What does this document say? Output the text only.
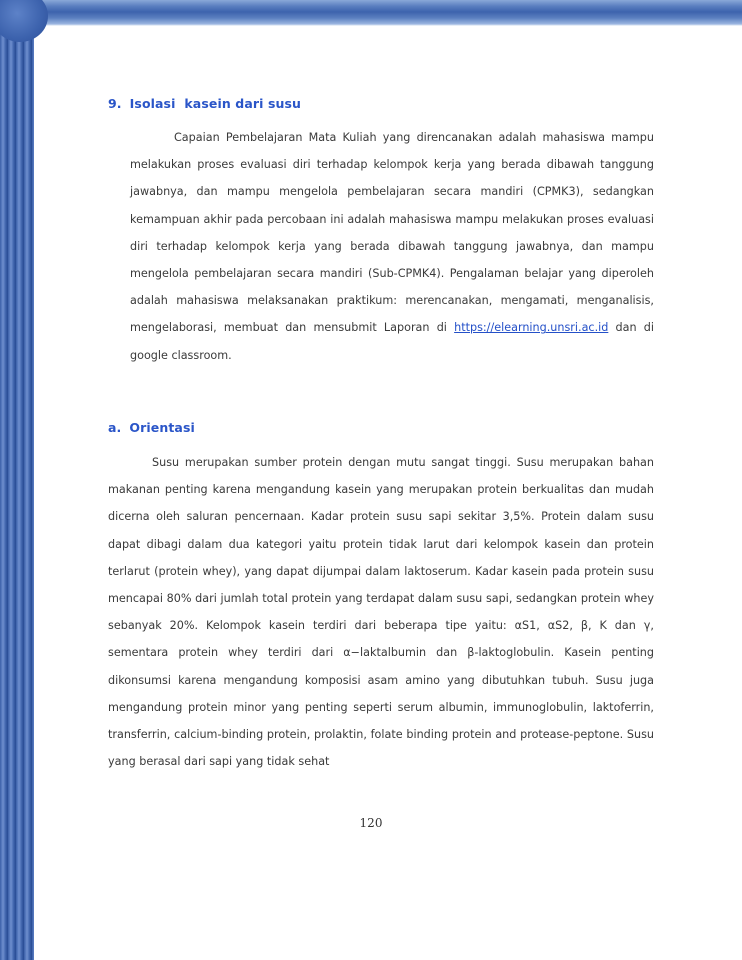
9. Isolasi  kasein dari susu
Capaian Pembelajaran Mata Kuliah yang direncanakan adalah mahasiswa mampu melakukan proses evaluasi diri terhadap kelompok kerja yang berada dibawah tanggung jawabnya, dan mampu mengelola pembelajaran secara mandiri (CPMK3), sedangkan kemampuan akhir pada percobaan ini adalah mahasiswa mampu melakukan proses evaluasi diri terhadap kelompok kerja yang berada dibawah tanggung jawabnya, dan mampu mengelola pembelajaran secara mandiri (Sub-CPMK4). Pengalaman belajar yang diperoleh adalah mahasiswa melaksanakan praktikum: merencanakan, mengamati, menganalisis, mengelaborasi, membuat dan mensubmit Laporan di https://elearning.unsri.ac.id dan di google classroom.
a. Orientasi
Susu merupakan sumber protein dengan mutu sangat tinggi. Susu merupakan bahan makanan penting karena mengandung kasein yang merupakan protein berkualitas dan mudah dicerna oleh saluran pencernaan. Kadar protein susu sapi sekitar 3,5%. Protein dalam susu dapat dibagi dalam dua kategori yaitu protein tidak larut dari kelompok kasein dan protein terlarut (protein whey), yang dapat dijumpai dalam laktoserum. Kadar kasein pada protein susu mencapai 80% dari jumlah total protein yang terdapat dalam susu sapi, sedangkan protein whey sebanyak 20%. Kelompok kasein terdiri dari beberapa tipe yaitu: αS1, αS2, β, K dan γ, sementara protein whey terdiri dari α−laktalbumin dan β-laktoglobulin. Kasein penting dikonsumsi karena mengandung komposisi asam amino yang dibutuhkan tubuh. Susu juga mengandung protein minor yang penting seperti serum albumin, immunoglobulin, laktoferrin, transferrin, calcium-binding protein, prolaktin, folate binding protein and protease-peptone. Susu yang berasal dari sapi yang tidak sehat
120
